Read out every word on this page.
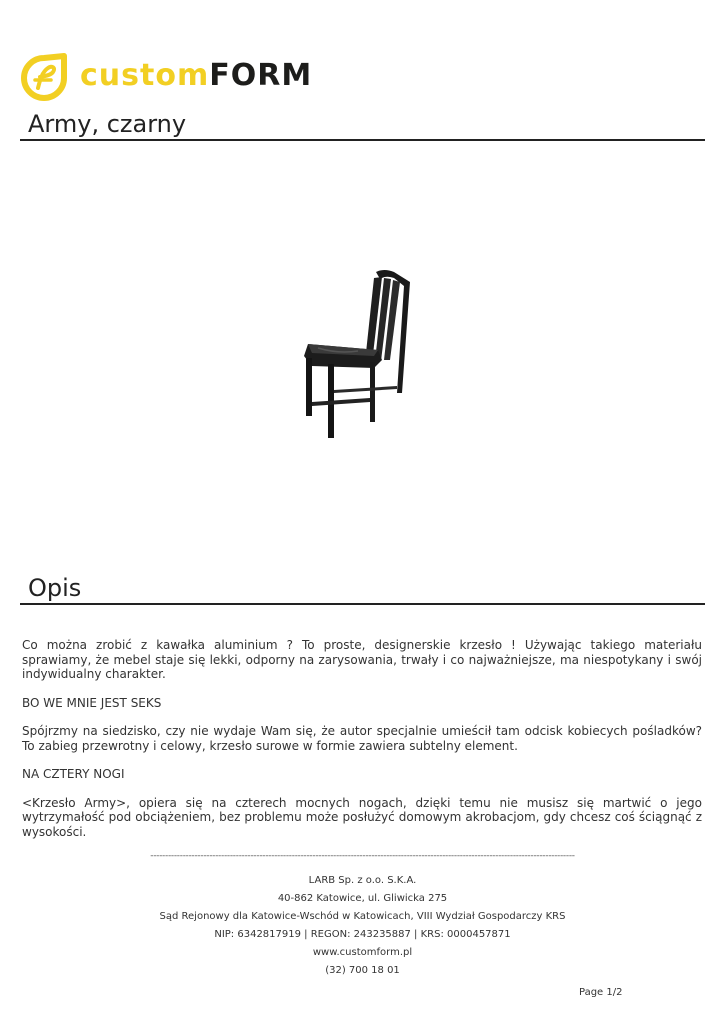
customFORM
Army, czarny
Opis

Co można zrobić z kawałka aluminium ? To proste, designerskie krzesło ! Używając takiego materiału sprawiamy, że mebel staje się lekki, odporny na zarysowania, trwały i co najważniejsze, ma niespotykany i swój indywidualny charakter.

BO WE MNIE JEST SEKS

Spójrzmy na siedzisko, czy nie wydaje Wam się, że autor specjalnie umieścił tam odcisk kobiecych pośladków? To zabieg przewrotny i celowy, krzesło surowe w formie zawiera subtelny element.

NA CZTERY NOGI

<Krzesło Army>, opiera się na czterech mocnych nogach, dzięki temu nie musisz się martwić o jego wytrzymałość pod obciążeniem, bez problemu może posłużyć domowym akrobacjom, gdy chcesz coś ściągnąć z wysokości.

------------------------------------------------------------------------------------------------------------------------------------------------
LARB Sp. z o.o. S.K.A.
40-862 Katowice, ul. Gliwicka 275
Sąd Rejonowy dla Katowice-Wschód w Katowicach, VIII Wydział Gospodarczy KRS
NIP: 6342817919 | REGON: 243235887 | KRS: 0000457871
www.customform.pl
(32) 700 18 01
Page 1/2
